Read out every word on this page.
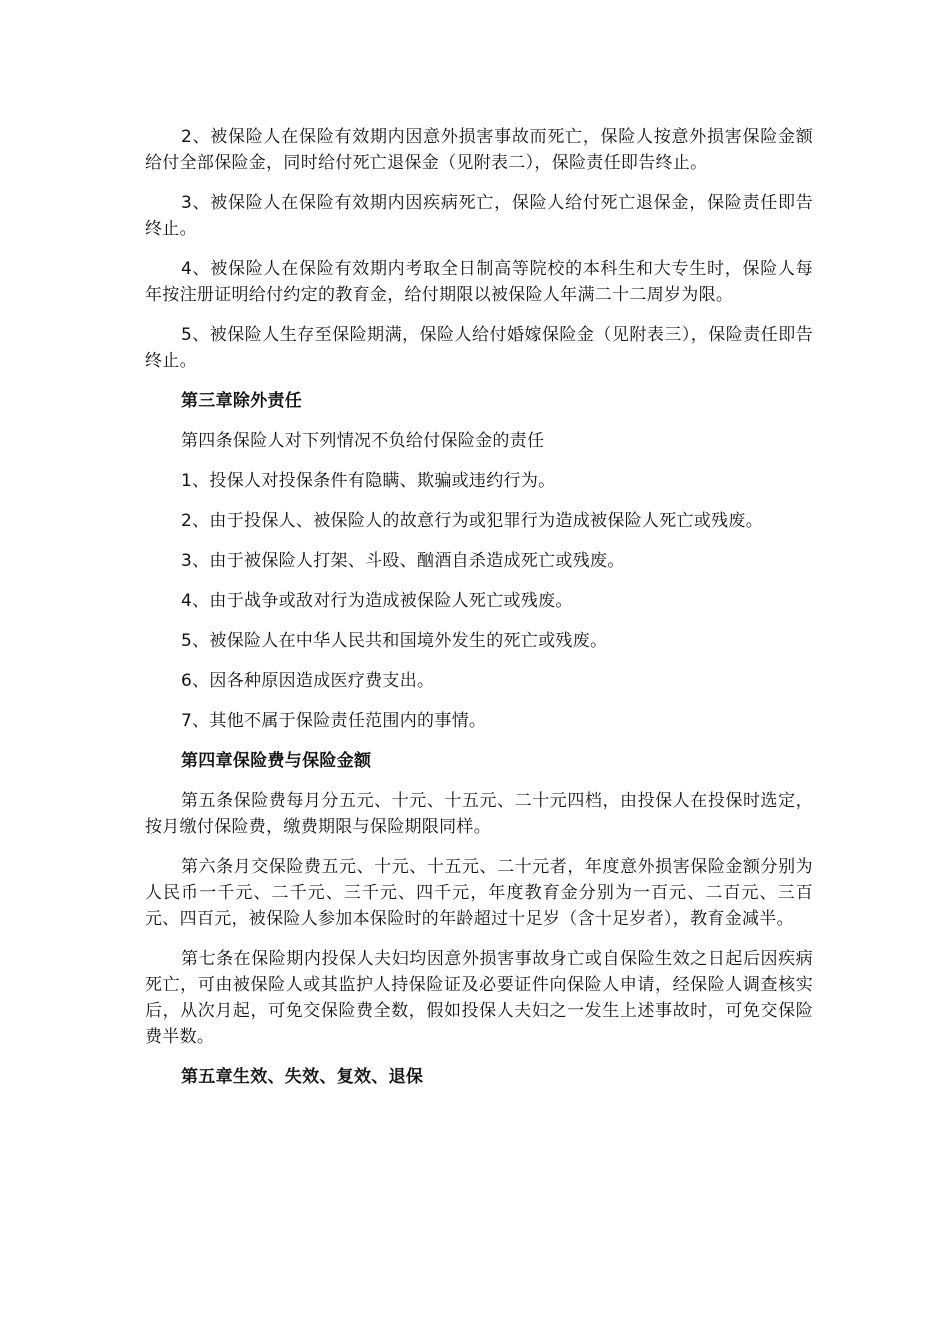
2、被保险人在保险有效期内因意外损害事故而死亡，保险人按意外损害保险金额给付全部保险金，同时给付死亡退保金（见附表二），保险责任即告终止。

3、被保险人在保险有效期内因疾病死亡，保险人给付死亡退保金，保险责任即告终止。

4、被保险人在保险有效期内考取全日制高等院校的本科生和大专生时，保险人每年按注册证明给付约定的教育金，给付期限以被保险人年满二十二周岁为限。

5、被保险人生存至保险期满，保险人给付婚嫁保险金（见附表三），保险责任即告终止。

第三章除外责任

第四条保险人对下列情况不负给付保险金的责任

1、投保人对投保条件有隐瞒、欺骗或违约行为。

2、由于投保人、被保险人的故意行为或犯罪行为造成被保险人死亡或残废。

3、由于被保险人打架、斗殴、酗酒自杀造成死亡或残废。

4、由于战争或敌对行为造成被保险人死亡或残废。

5、被保险人在中华人民共和国境外发生的死亡或残废。

6、因各种原因造成医疗费支出。

7、其他不属于保险责任范围内的事情。

第四章保险费与保险金额

第五条保险费每月分五元、十元、十五元、二十元四档，由投保人在投保时选定，按月缴付保险费，缴费期限与保险期限同样。

第六条月交保险费五元、十元、十五元、二十元者，年度意外损害保险金额分别为人民币一千元、二千元、三千元、四千元，年度教育金分别为一百元、二百元、三百元、四百元，被保险人参加本保险时的年龄超过十足岁（含十足岁者），教育金减半。

第七条在保险期内投保人夫妇均因意外损害事故身亡或自保险生效之日起后因疾病死亡，可由被保险人或其监护人持保险证及必要证件向保险人申请，经保险人调查核实后，从次月起，可免交保险费全数，假如投保人夫妇之一发生上述事故时，可免交保险费半数。

第五章生效、失效、复效、退保
